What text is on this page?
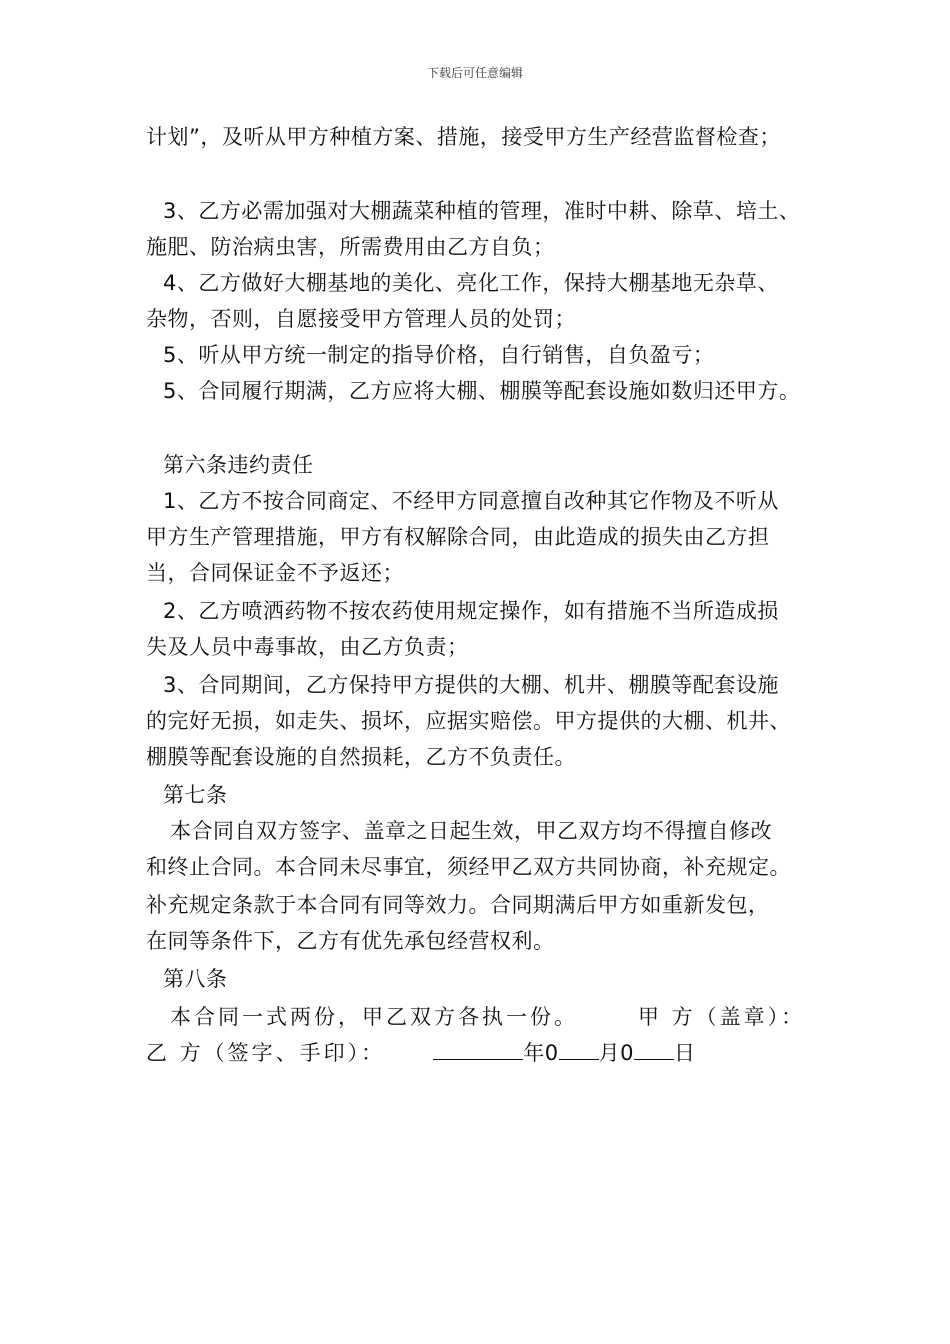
下载后可任意编辑
计划”，及听从甲方种植方案、措施，接受甲方生产经营监督检查；
3、乙方必需加强对大棚蔬菜种植的管理，准时中耕、除草、培土、
施肥、防治病虫害，所需费用由乙方自负；
4、乙方做好大棚基地的美化、亮化工作，保持大棚基地无杂草、
杂物，否则，自愿接受甲方管理人员的处罚；
5、听从甲方统一制定的指导价格，自行销售，自负盈亏；
5、合同履行期满，乙方应将大棚、棚膜等配套设施如数归还甲方。
第六条违约责任
1、乙方不按合同商定、不经甲方同意擅自改种其它作物及不听从
甲方生产管理措施，甲方有权解除合同，由此造成的损失由乙方担
当，合同保证金不予返还；
2、乙方喷洒药物不按农药使用规定操作，如有措施不当所造成损
失及人员中毒事故，由乙方负责；
3、合同期间，乙方保持甲方提供的大棚、机井、棚膜等配套设施
的完好无损，如走失、损坏，应据实赔偿。甲方提供的大棚、机井、
棚膜等配套设施的自然损耗，乙方不负责任。
第七条
本合同自双方签字、盖章之日起生效，甲乙双方均不得擅自修改
和终止合同。本合同未尽事宜，须经甲乙双方共同协商，补充规定。
补充规定条款于本合同有同等效力。合同期满后甲方如重新发包，
在同等条件下，乙方有优先承包经营权利。
第八条
本合同一式两份，甲乙双方各执一份。	甲 方（盖章）：
乙 方（签字、手印）：	年0 月0 日
